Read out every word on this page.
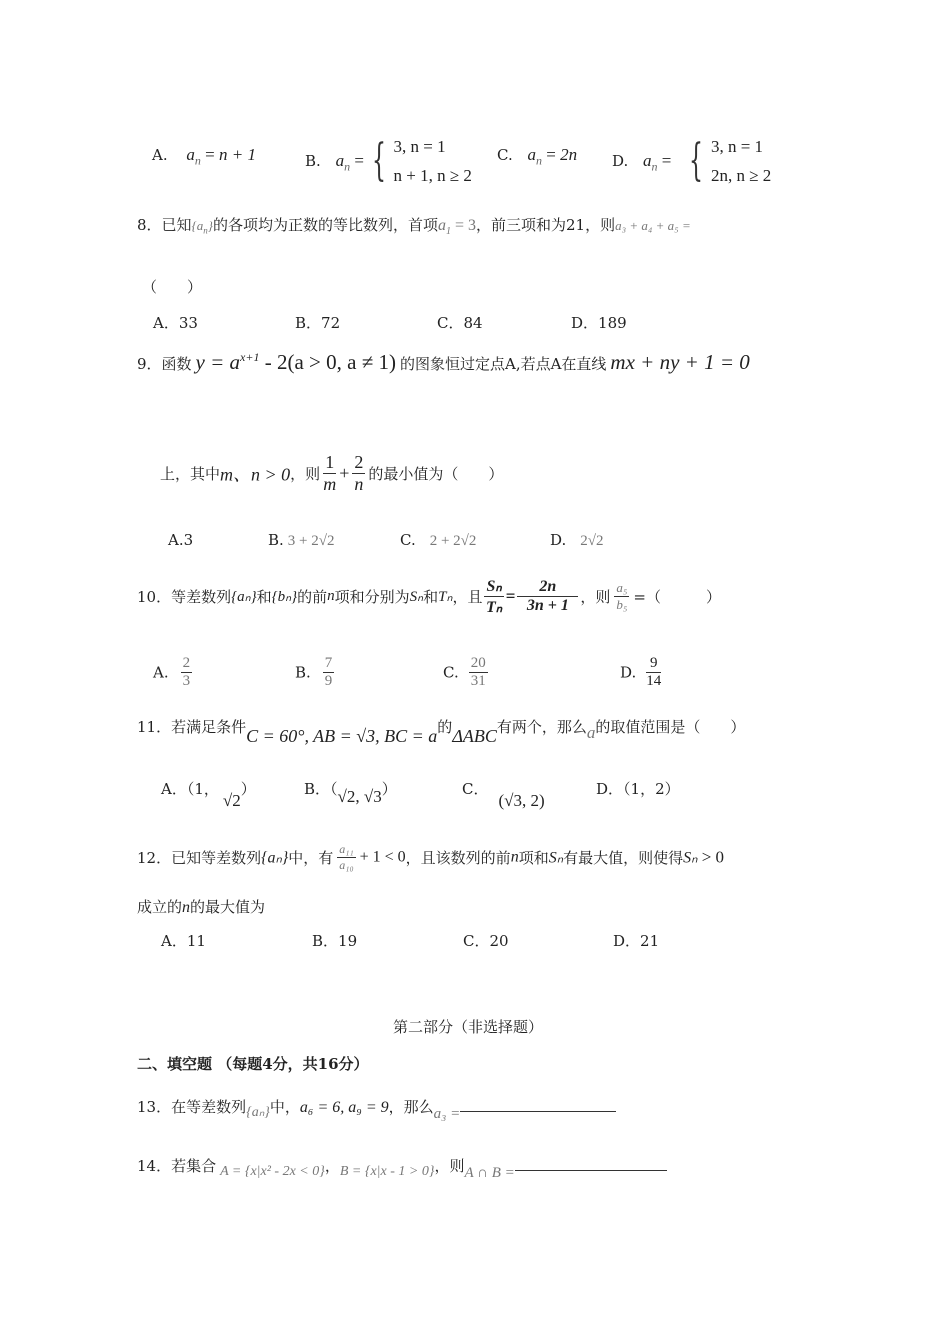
A. $a_n = n + 1$	B. $a_n$ = { 3, n = 1
n + 1, n ≥ 2
C. $a_n = 2n$ D. $a_n$ = { 3, n = 1
2n, n ≥ 2
8．已知$\{a_n\}$的各项均为正数的等比数列，首项$a_1 = 3$，前三项和为21，则a₃ + a₄ + a₅ =
（　　）
A．33	B．72	C．84	D．189
9．函数 $y = a^{x+1} - 2(a > 0$, a ≠ 1) 的图象恒过定点A,若点A在直线 mx + ny + 1 = 0
上，其中m、n > 0，则 $\frac{1}{m} + \frac{2}{n}$ 的最小值为（　　）
A.3	B. 3 + 2√2	C. 2 + 2√2	D. 2√2
10．等差数列{aₙ}和{bₙ}的前n项和分别为Sₙ和Tₙ，且 $\frac{\text{Sₙ}}{\text{Tₙ}} = \frac{2n}{3n + 1}$ ，则 $\frac{\text{a₅}}{\text{b₅}}$ =（　　　）
A. $\frac{2}{3}$	B. $\frac{7}{9}$	C. $\frac{20}{31}$	D. $\frac{9}{14}$
11．若满足条件C = 60°, AB = √3, BC = a的ΔABC有两个，那么a的取值范围是（　　）
A．（1，√2）	B．（√2, √3）	C．(√3, 2)
D．（1，2）
12．已知等差数列{aₙ}中，有 $\frac{\text{a₁₁}}{\text{a₁₀}} + 1 < 0$，且该数列的前n项和Sₙ有最大值，则使得Sₙ > 0
成立的n的最大值为
A．11	B．19	C．20	D．21
第二部分（非选择题）
二、填空题 （每题4分，共16分）
13．在等差数列{aₙ}中，a₆ = 6, a₉ = 9，那么a₃ =
14．若集合 A = {x|x² - 2x < 0}，B = {x|x - 1 > 0}，则A ∩ B =
